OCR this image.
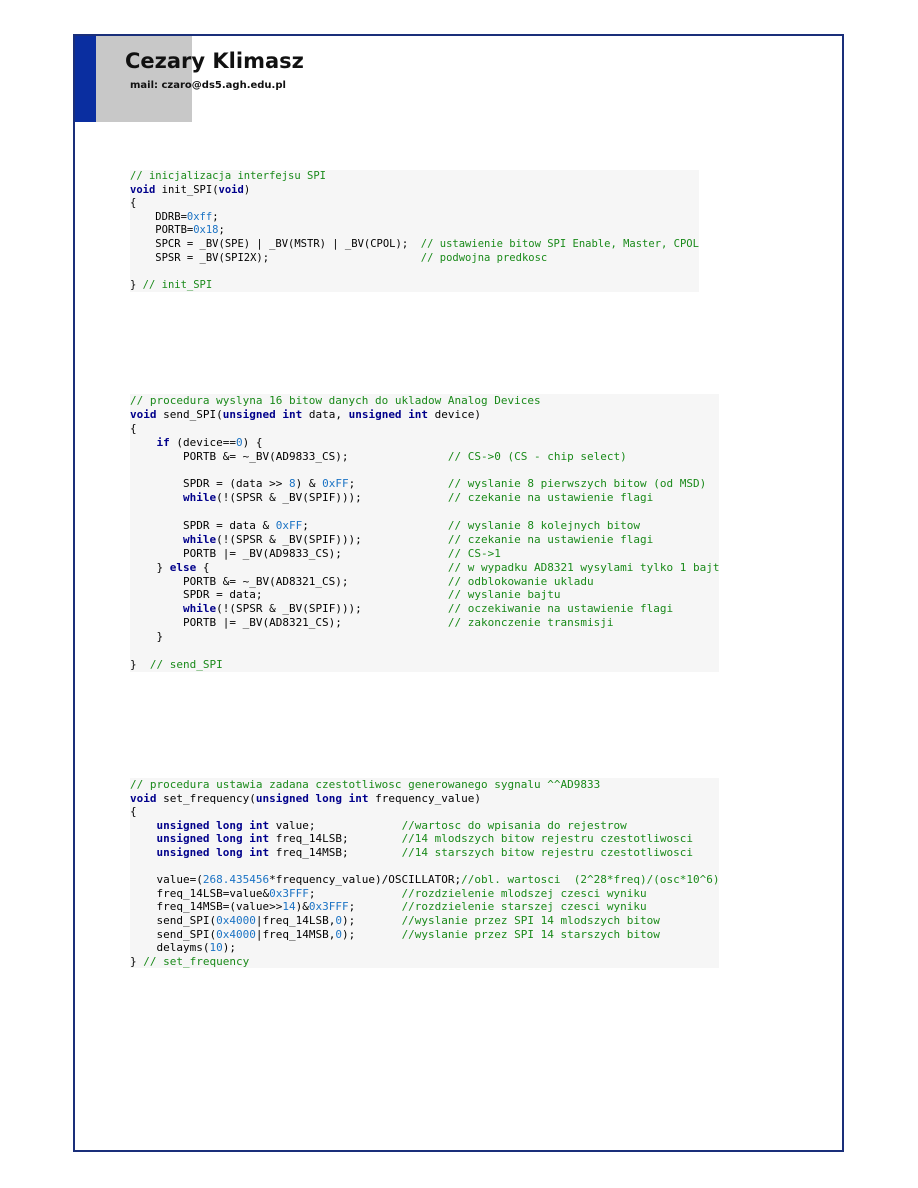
Cezary Klimasz
mail: czaro@ds5.agh.edu.pl
// inicjalizacja interfejsu SPI
void init_SPI(void)
{
DDRB=0xff;
PORTB=0x18;
SPCR = _BV(SPE) | _BV(MSTR) | _BV(CPOL);  // ustawienie bitow SPI Enable, Master, CPOL
SPSR = _BV(SPI2X);                        // podwojna predkosc
} // init_SPI
// procedura wyslyna 16 bitow danych do ukladow Analog Devices
void send_SPI(unsigned int data, unsigned int device)
{
if (device==0) {
PORTB &= ~_BV(AD9833_CS);               // CS->0 (CS - chip select)
SPDR = (data >> 8) & 0xFF;              // wyslanie 8 pierwszych bitow (od MSD)
while(!(SPSR & _BV(SPIF)));             // czekanie na ustawienie flagi
SPDR = data & 0xFF;                     // wyslanie 8 kolejnych bitow
while(!(SPSR & _BV(SPIF)));             // czekanie na ustawienie flagi
PORTB |= _BV(AD9833_CS);                // CS->1
} else {                                    // w wypadku AD8321 wysylami tylko 1 bajt
PORTB &= ~_BV(AD8321_CS);               // odblokowanie ukladu
SPDR = data;                            // wyslanie bajtu
while(!(SPSR & _BV(SPIF)));             // oczekiwanie na ustawienie flagi
PORTB |= _BV(AD8321_CS);                // zakonczenie transmisji
}
}  // send_SPI
// procedura ustawia zadana czestotliwosc generowanego sygnalu ^^AD9833
void set_frequency(unsigned long int frequency_value)
{
unsigned long int value;             //wartosc do wpisania do rejestrow
unsigned long int freq_14LSB;        //14 mlodszych bitow rejestru czestotliwosci
unsigned long int freq_14MSB;        //14 starszych bitow rejestru czestotliwosci
value=(268.435456*frequency_value)/OSCILLATOR;//obl. wartosci  (2^28*freq)/(osc*10^6)
freq_14LSB=value&0x3FFF;             //rozdzielenie mlodszej czesci wyniku
freq_14MSB=(value>>14)&0x3FFF;       //rozdzielenie starszej czesci wyniku
send_SPI(0x4000|freq_14LSB,0);       //wyslanie przez SPI 14 mlodszych bitow
send_SPI(0x4000|freq_14MSB,0);       //wyslanie przez SPI 14 starszych bitow
delayms(10);
} // set_frequency
